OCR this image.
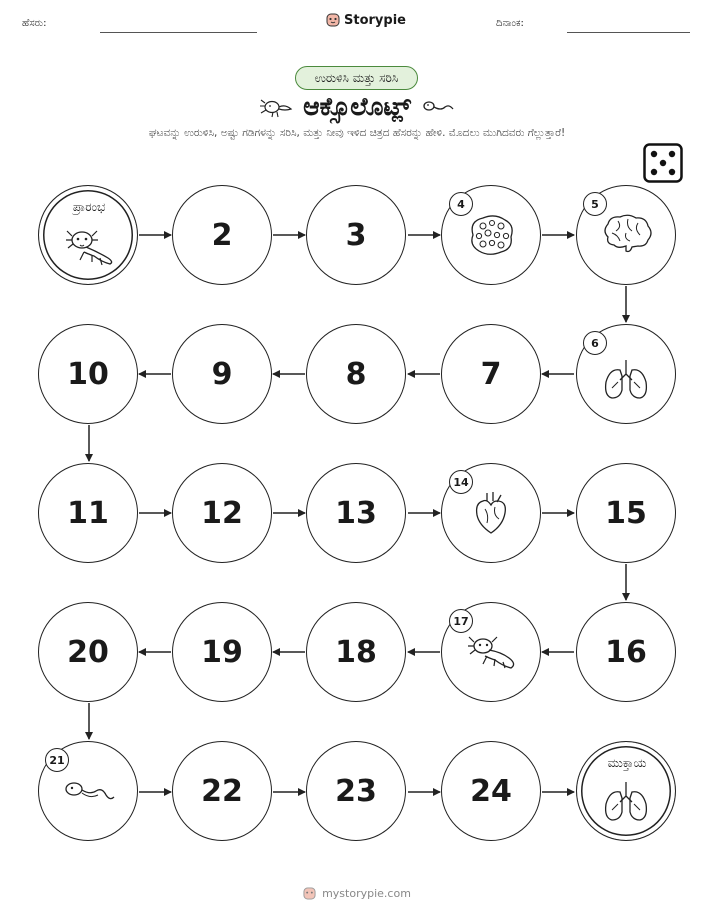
ಹೆಸರು:	Storypie	ದಿನಾಂಕ:
ಉರುಳಿಸಿ ಮತ್ತು ಸರಿಸಿ
ಆಕ್ಸೊಲೊಟ್ಲ್
ಘಟವನ್ನು ಉರುಳಿಸಿ, ಅಷ್ಟು ಗಡಿಗಳನ್ನು ಸರಿಸಿ, ಮತ್ತು ನೀವು ಇಳಿದ ಚಿತ್ರದ ಹೆಸರನ್ನು ಹೇಳಿ. ಮೊದಲು ಮುಗಿದವರು ಗೆಲ್ಲುತ್ತಾರೆ!
ಪ್ರಾರಂಭ
2	3
4	5
10	9	8	7
6
11	12	13
14
15
20	19	18
17
16
21
22	23	24
ಮುಕ್ತಾಯ
mystorypie.com
